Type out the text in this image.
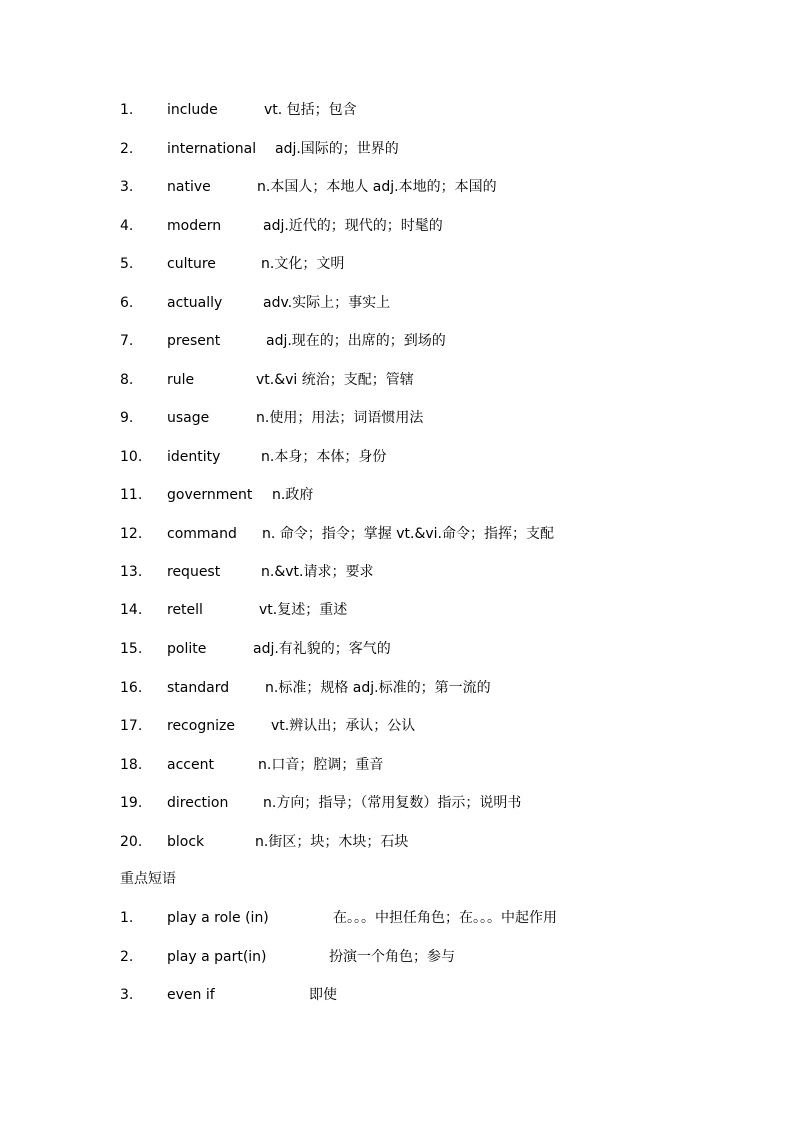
1. include	vt. 包括；包含
2. international adj.国际的；世界的
3. native	n.本国人；本地人 adj.本地的；本国的
4. modern	adj.近代的；现代的；时髦的
5. culture	n.文化；文明
6. actually	adv.实际上；事实上
7. present	adj.现在的；出席的；到场的
8. rule	vt.&vi 统治；支配；管辖
9. usage	n.使用；用法；词语惯用法
10. identity	n.本身；本体；身份
11. government n.政府
12. command n. 命令；指令；掌握 vt.&vi.命令；指挥；支配
13. request	n.&vt.请求；要求
14. retell	vt.复述；重述
15. polite	adj.有礼貌的；客气的
16. standard	n.标准；规格 adj.标准的；第一流的
17. recognize	vt.辨认出；承认；公认
18. accent	n.口音；腔调；重音
19. direction n.方向；指导；（常用复数）指示；说明书
20. block	n.街区；块；木块；石块
重点短语
1. play a role (in)	在。。。中担任角色；在。。。中起作用
2. play a part(in)	扮演一个角色；参与
3. even if	即使
